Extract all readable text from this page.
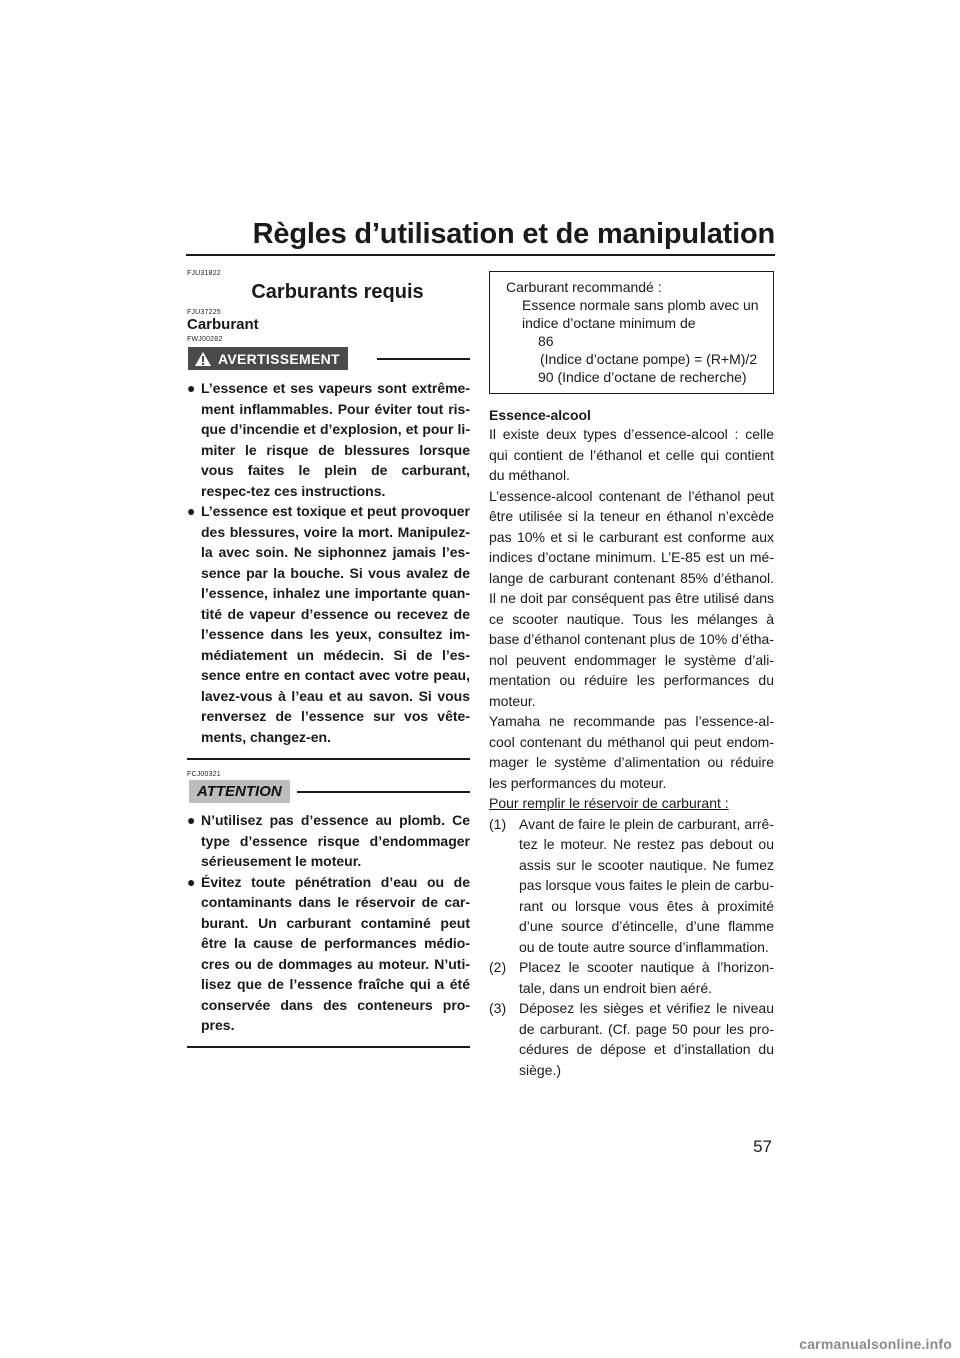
Règles d’utilisation et de manipulation
FJU31822
Carburants requis
FJU37225
Carburant
FWJ00282
AVERTISSEMENT
● L’essence et ses vapeurs sont extrême-ment inflammables. Pour éviter tout ris-que d’incendie et d’explosion, et pour li-miter le risque de blessures lorsque vous faites le plein de carburant, respec-tez ces instructions.
● L’essence est toxique et peut provoquer des blessures, voire la mort. Manipulez-la avec soin. Ne siphonnez jamais l’es-sence par la bouche. Si vous avalez de l’essence, inhalez une importante quan-tité de vapeur d’essence ou recevez de l’essence dans les yeux, consultez im-médiatement un médecin. Si de l’es-sence entre en contact avec votre peau, lavez-vous à l’eau et au savon. Si vous renversez de l’essence sur vos vête-ments, changez-en.
FCJ00321
ATTENTION
● N’utilisez pas d’essence au plomb. Ce type d’essence risque d’endommager sérieusement le moteur.
● Évitez toute pénétration d’eau ou de contaminants dans le réservoir de car-burant. Un carburant contaminé peut être la cause de performances médio-cres ou de dommages au moteur. N’uti-lisez que de l’essence fraîche qui a été conservée dans des conteneurs pro-pres.
Carburant recommandé :
Essence normale sans plomb avec un
indice d’octane minimum de
86
(Indice d’octane pompe) = (R+M)/2
90 (Indice d’octane de recherche)
Essence-alcool
Il existe deux types d’essence-alcool : celle qui contient de l’éthanol et celle qui contient du méthanol.
L’essence-alcool contenant de l’éthanol peut être utilisée si la teneur en éthanol n’excède pas 10% et si le carburant est conforme aux indices d’octane minimum. L’E-85 est un mé-lange de carburant contenant 85% d’éthanol. Il ne doit par conséquent pas être utilisé dans ce scooter nautique. Tous les mélanges à base d’éthanol contenant plus de 10% d’étha-nol peuvent endommager le système d’ali-mentation ou réduire les performances du moteur.
Yamaha ne recommande pas l’essence-al-cool contenant du méthanol qui peut endom-mager le système d’alimentation ou réduire les performances du moteur.
Pour remplir le réservoir de carburant :
(1) Avant de faire le plein de carburant, arrê-tez le moteur. Ne restez pas debout ou assis sur le scooter nautique. Ne fumez pas lorsque vous faites le plein de carbu-rant ou lorsque vous êtes à proximité d’une source d’étincelle, d’une flamme ou de toute autre source d’inflammation.
(2) Placez le scooter nautique à l’horizon-tale, dans un endroit bien aéré.
(3) Déposez les sièges et vérifiez le niveau de carburant. (Cf. page 50 pour les pro-cédures de dépose et d’installation du siège.)
57
carmanualsonline.info
